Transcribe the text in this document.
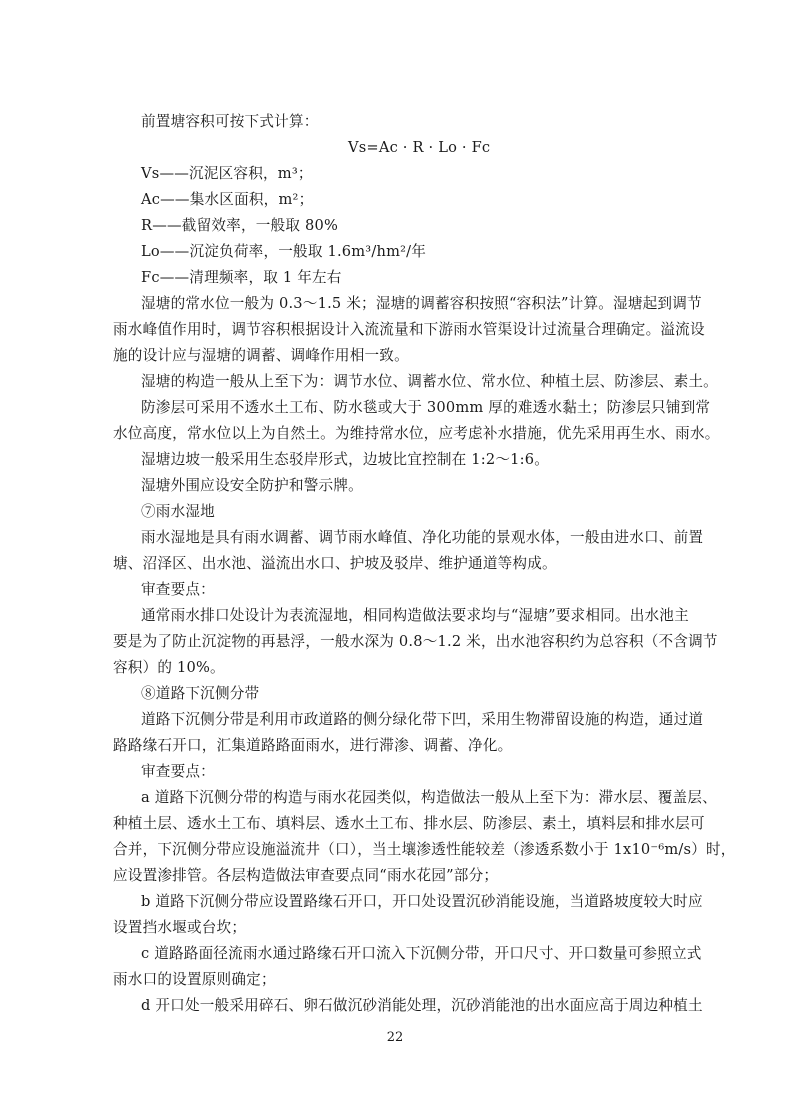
前置塘容积可按下式计算：
Vs=Ac · R · Lo · Fc
Vs——沉泥区容积，m³；
Ac——集水区面积，m²；
R——截留效率，一般取 80%
Lo——沉淀负荷率，一般取 1.6m³/hm²/年
Fc——清理频率，取 1 年左右
湿塘的常水位一般为 0.3～1.5 米；湿塘的调蓄容积按照“容积法”计算。湿塘起到调节
雨水峰值作用时，调节容积根据设计入流流量和下游雨水管渠设计过流量合理确定。溢流设
施的设计应与湿塘的调蓄、调峰作用相一致。
湿塘的构造一般从上至下为：调节水位、调蓄水位、常水位、种植土层、防渗层、素土。
防渗层可采用不透水土工布、防水毯或大于 300mm 厚的难透水黏土；防渗层只铺到常
水位高度，常水位以上为自然土。为维持常水位，应考虑补水措施，优先采用再生水、雨水。
湿塘边坡一般采用生态驳岸形式，边坡比宜控制在 1:2～1:6。
湿塘外围应设安全防护和警示牌。
⑦雨水湿地
雨水湿地是具有雨水调蓄、调节雨水峰值、净化功能的景观水体，一般由进水口、前置
塘、沼泽区、出水池、溢流出水口、护坡及驳岸、维护通道等构成。
审查要点：
通常雨水排口处设计为表流湿地，相同构造做法要求均与“湿塘”要求相同。出水池主
要是为了防止沉淀物的再悬浮，一般水深为 0.8～1.2 米，出水池容积约为总容积（不含调节
容积）的 10%。
⑧道路下沉侧分带
道路下沉侧分带是利用市政道路的侧分绿化带下凹，采用生物滞留设施的构造，通过道
路路缘石开口，汇集道路路面雨水，进行滞渗、调蓄、净化。
审查要点：
a 道路下沉侧分带的构造与雨水花园类似，构造做法一般从上至下为：滞水层、覆盖层、
种植土层、透水土工布、填料层、透水土工布、排水层、防渗层、素土，填料层和排水层可
合并，下沉侧分带应设施溢流井（口），当土壤渗透性能较差（渗透系数小于 1x10⁻⁶m/s）时，
应设置渗排管。各层构造做法审查要点同“雨水花园”部分；
b 道路下沉侧分带应设置路缘石开口，开口处设置沉砂消能设施，当道路坡度较大时应
设置挡水堰或台坎；
c 道路路面径流雨水通过路缘石开口流入下沉侧分带，开口尺寸、开口数量可参照立式
雨水口的设置原则确定；
d 开口处一般采用碎石、卵石做沉砂消能处理，沉砂消能池的出水面应高于周边种植土
22
